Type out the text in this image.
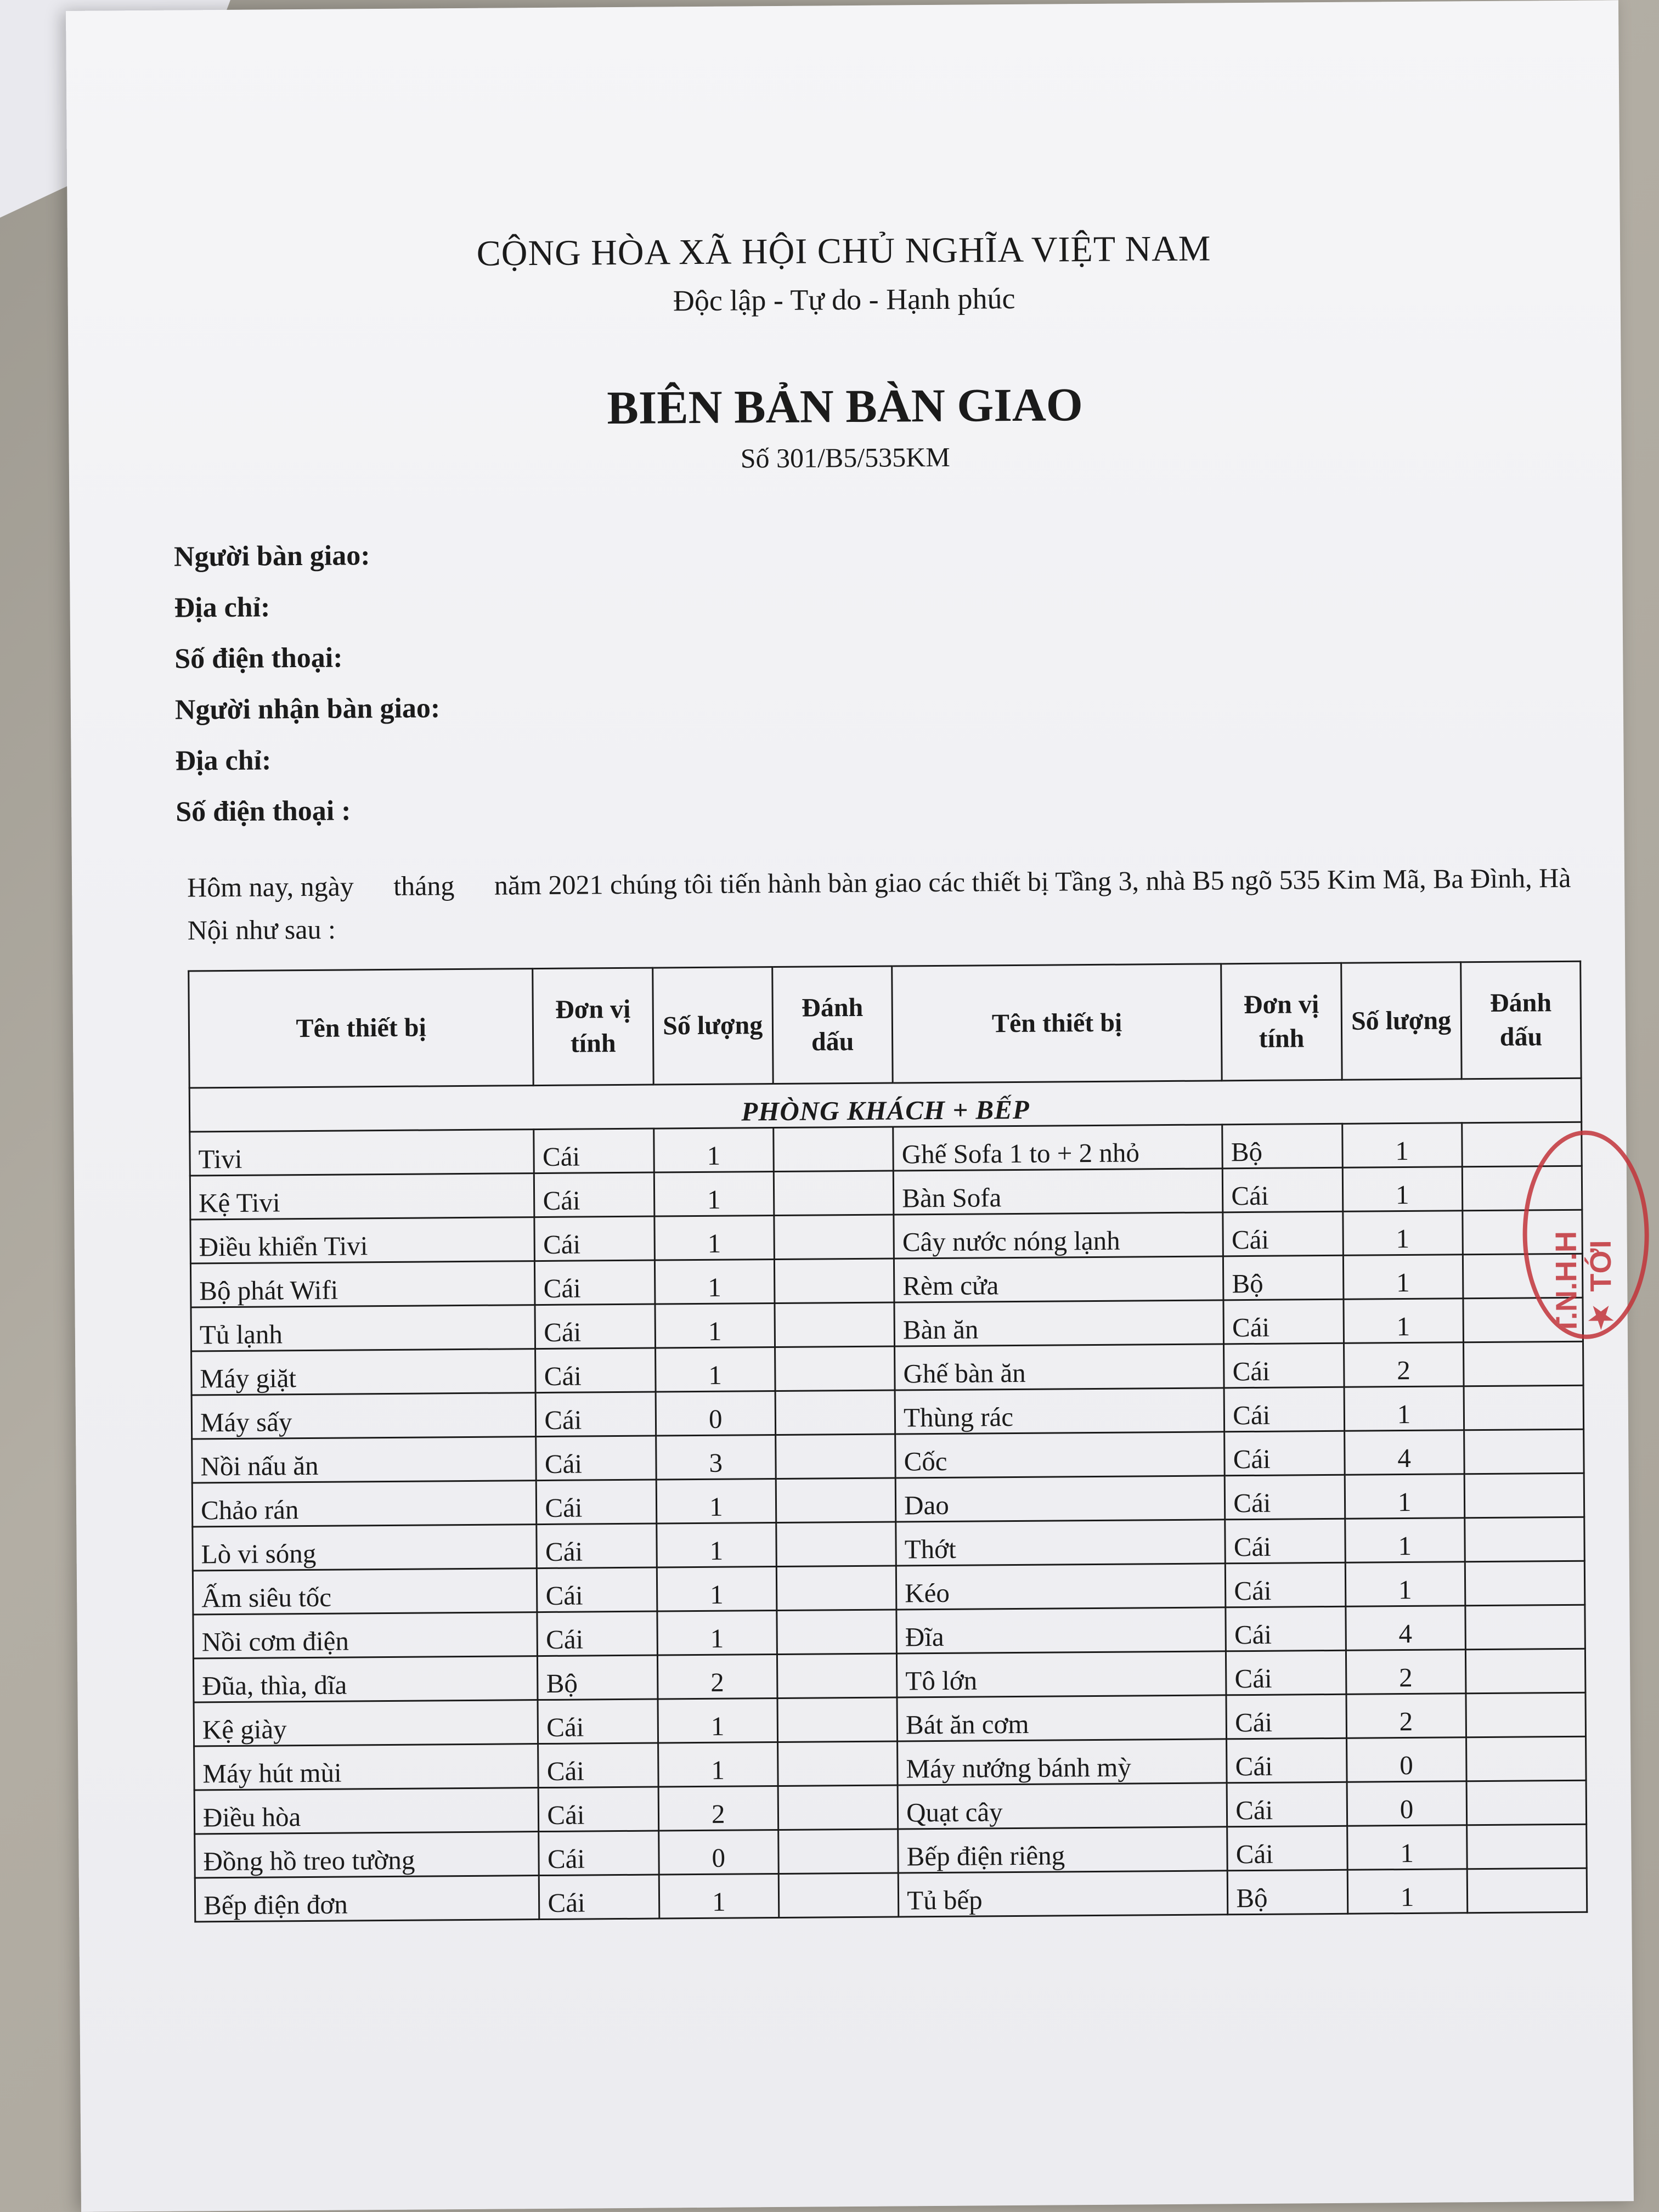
CỘNG HÒA XÃ HỘI CHỦ NGHĨA VIỆT NAM
Độc lập - Tự do - Hạnh phúc
BIÊN BẢN BÀN GIAO
Số 301/B5/535KM
Người bàn giao:
Địa chỉ:
Số điện thoại:
Người nhận bàn giao:
Địa chỉ:
Số điện thoại :
Hôm nay, ngày tháng năm 2021 chúng tôi tiến hành bàn giao các thiết bị Tầng 3, nhà B5 ngõ 535 Kim Mã, Ba Đình, Hà Nội như sau :
Tên thiết bị	Đơn vị tính	Số lượng	Đánh dấu	Tên thiết bị	Đơn vị tính	Số lượng	Đánh dấu
PHÒNG KHÁCH + BẾP							
Tivi	Cái	1		Ghế Sofa 1 to + 2 nhỏ	Bộ	1	
Kệ Tivi	Cái	1		Bàn Sofa	Cái	1	
Điều khiển Tivi	Cái	1		Cây nước nóng lạnh	Cái	1	
Bộ phát Wifi	Cái	1		Rèm cửa	Bộ	1	
Tủ lạnh	Cái	1		Bàn ăn	Cái	1	
Máy giặt	Cái	1		Ghế bàn ăn	Cái	2	
Máy sấy	Cái	0		Thùng rác	Cái	1	
Nồi nấu ăn	Cái	3		Cốc	Cái	4	
Chảo rán	Cái	1		Dao	Cái	1	
Lò vi sóng	Cái	1		Thớt	Cái	1	
Ấm siêu tốc	Cái	1		Kéo	Cái	1	
Nồi cơm điện	Cái	1		Đĩa	Cái	4	
Đũa, thìa, dĩa	Bộ	2		Tô lớn	Cái	2	
Kệ giày	Cái	1		Bát ăn cơm	Cái	2	
Máy hút mùi	Cái	1		Máy nướng bánh mỳ	Cái	0	
Điều hòa	Cái	2		Quạt cây	Cái	0	
Đồng hồ treo tường	Cái	0		Bếp điện riêng	Cái	1	
Bếp điện đơn	Cái	1		Tủ bếp	Bộ	1	
T.N.H.H ★ TỚI
